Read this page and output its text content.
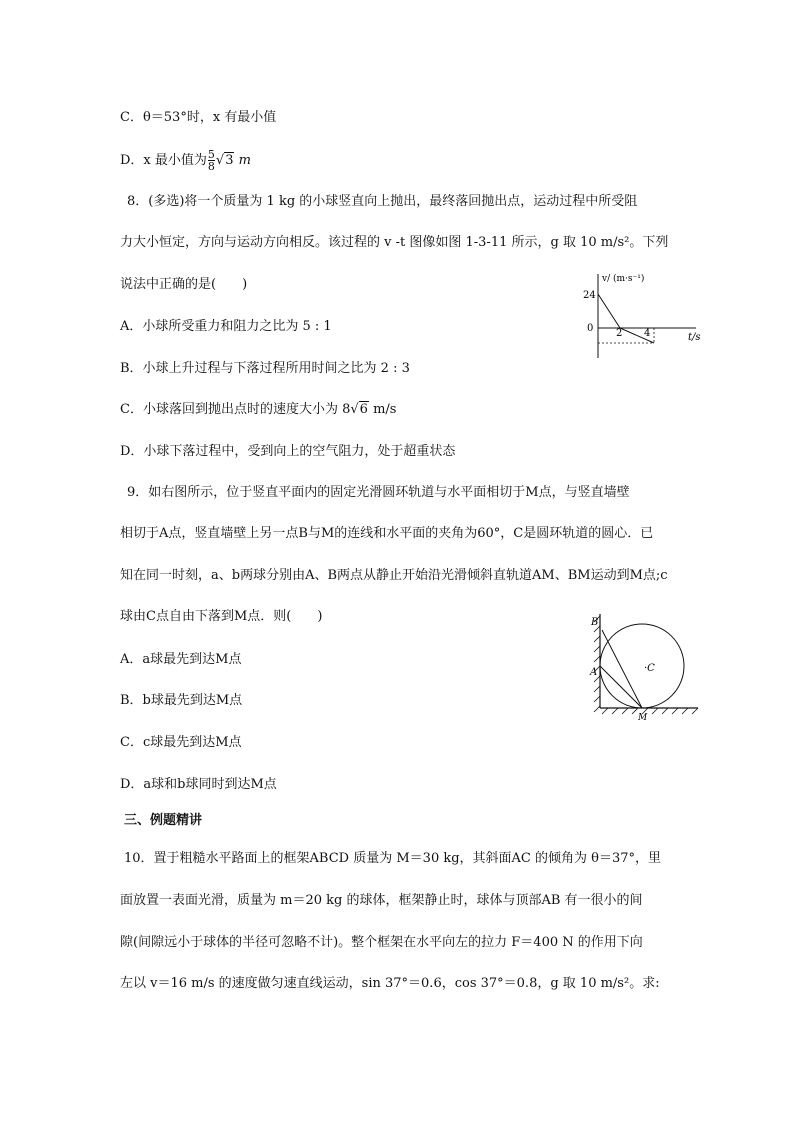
C．θ＝53°时，x 有最小值
D．x 最小值为 $\frac{5}{8} √3$ m
8．(多选)将一个质量为 1 kg 的小球竖直向上抛出，最终落回抛出点，运动过程中所受阻
力大小恒定，方向与运动方向相反。该过程的 v -t 图像如图 1-3-11 所示，g 取 10 m/s²。下列
说法中正确的是(　　)
A．小球所受重力和阻力之比为 5 : 1
B．小球上升过程与下落过程所用时间之比为 2 : 3
C．小球落回到抛出点时的速度大小为 8√6 m/s
D．小球下落过程中，受到向上的空气阻力，处于超重状态
v/ (m·s⁻¹)
t/s
24
0 2 4
9．如右图所示，位于竖直平面内的固定光滑圆环轨道与水平面相切于M点，与竖直墙壁
相切于A点，竖直墙壁上另一点B与M的连线和水平面的夹角为60°，C是圆环轨道的圆心．已
知在同一时刻，a、b两球分别由A、B两点从静止开始沿光滑倾斜直轨道AM、BM运动到M点;c
球由C点自由下落到M点．则(　　)
A．a球最先到达M点
B．b球最先到达M点
C．c球最先到达M点
D．a球和b球同时到达M点
B
A	·C
M
三、例题精讲
10．置于粗糙水平路面上的框架ABCD 质量为 M＝30 kg，其斜面AC 的倾角为 θ＝37°，里
面放置一表面光滑，质量为 m＝20 kg 的球体，框架静止时，球体与顶部AB 有一很小的间
隙(间隙远小于球体的半径可忽略不计)。整个框架在水平向左的拉力 F＝400 N 的作用下向
左以 v＝16 m/s 的速度做匀速直线运动，sin 37°＝0.6，cos 37°＝0.8，g 取 10 m/s²。求:
